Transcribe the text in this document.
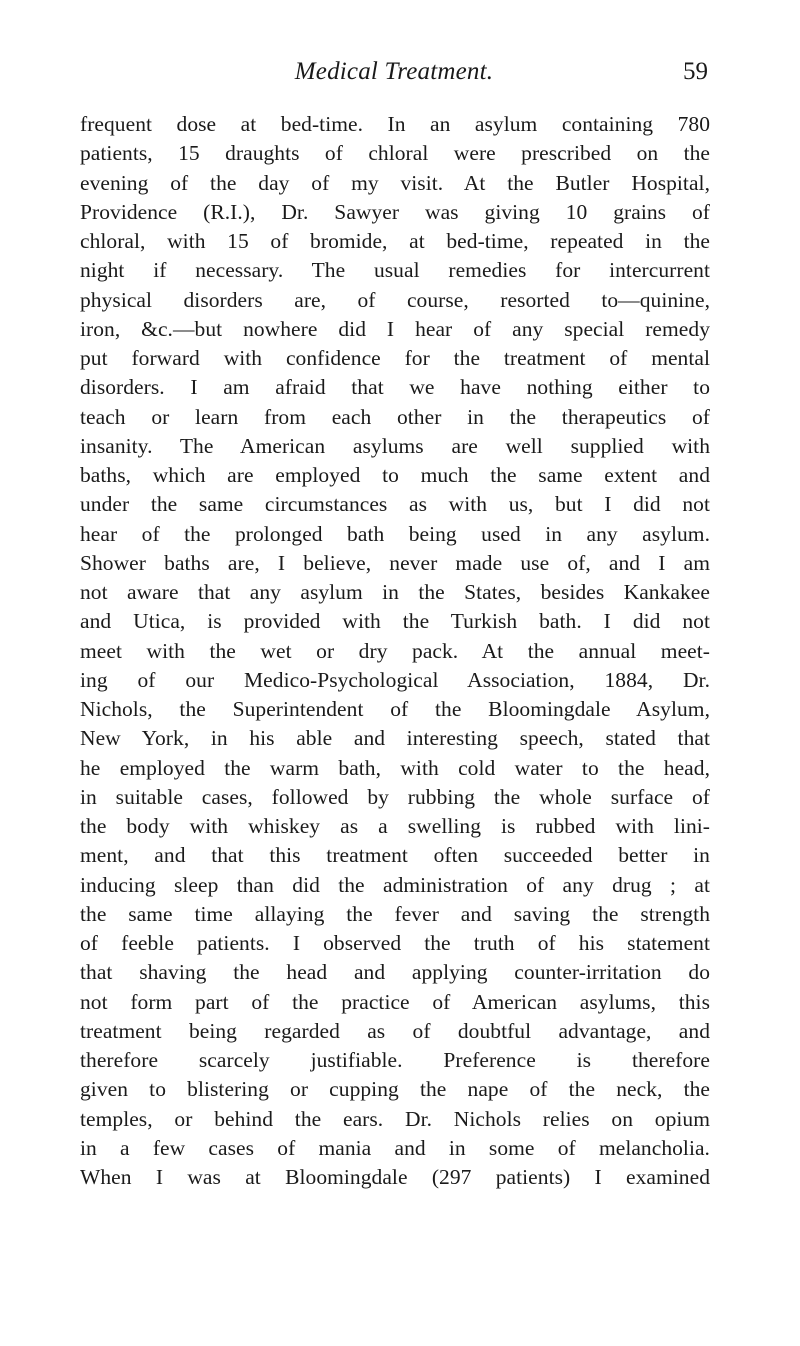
Medical Treatment.	59
frequent dose at bed-time. In an asylum containing 780
patients, 15 draughts of chloral were prescribed on the
evening of the day of my visit. At the Butler Hospital,
Providence (R.I.), Dr. Sawyer was giving 10 grains of
chloral, with 15 of bromide, at bed-time, repeated in the
night if necessary. The usual remedies for intercurrent
physical disorders are, of course, resorted to—quinine,
iron, &c.—but nowhere did I hear of any special remedy
put forward with confidence for the treatment of mental
disorders. I am afraid that we have nothing either to
teach or learn from each other in the therapeutics of
insanity. The American asylums are well supplied with
baths, which are employed to much the same extent and
under the same circumstances as with us, but I did not
hear of the prolonged bath being used in any asylum.
Shower baths are, I believe, never made use of, and I am
not aware that any asylum in the States, besides Kankakee
and Utica, is provided with the Turkish bath. I did not
meet with the wet or dry pack. At the annual meet-
ing of our Medico-Psychological Association, 1884, Dr.
Nichols, the Superintendent of the Bloomingdale Asylum,
New York, in his able and interesting speech, stated that
he employed the warm bath, with cold water to the head,
in suitable cases, followed by rubbing the whole surface of
the body with whiskey as a swelling is rubbed with lini-
ment, and that this treatment often succeeded better in
inducing sleep than did the administration of any drug ; at
the same time allaying the fever and saving the strength
of feeble patients. I observed the truth of his statement
that shaving the head and applying counter-irritation do
not form part of the practice of American asylums, this
treatment being regarded as of doubtful advantage, and
therefore scarcely justifiable. Preference is therefore
given to blistering or cupping the nape of the neck, the
temples, or behind the ears. Dr. Nichols relies on opium
in a few cases of mania and in some of melancholia.
When I was at Bloomingdale (297 patients) I examined
